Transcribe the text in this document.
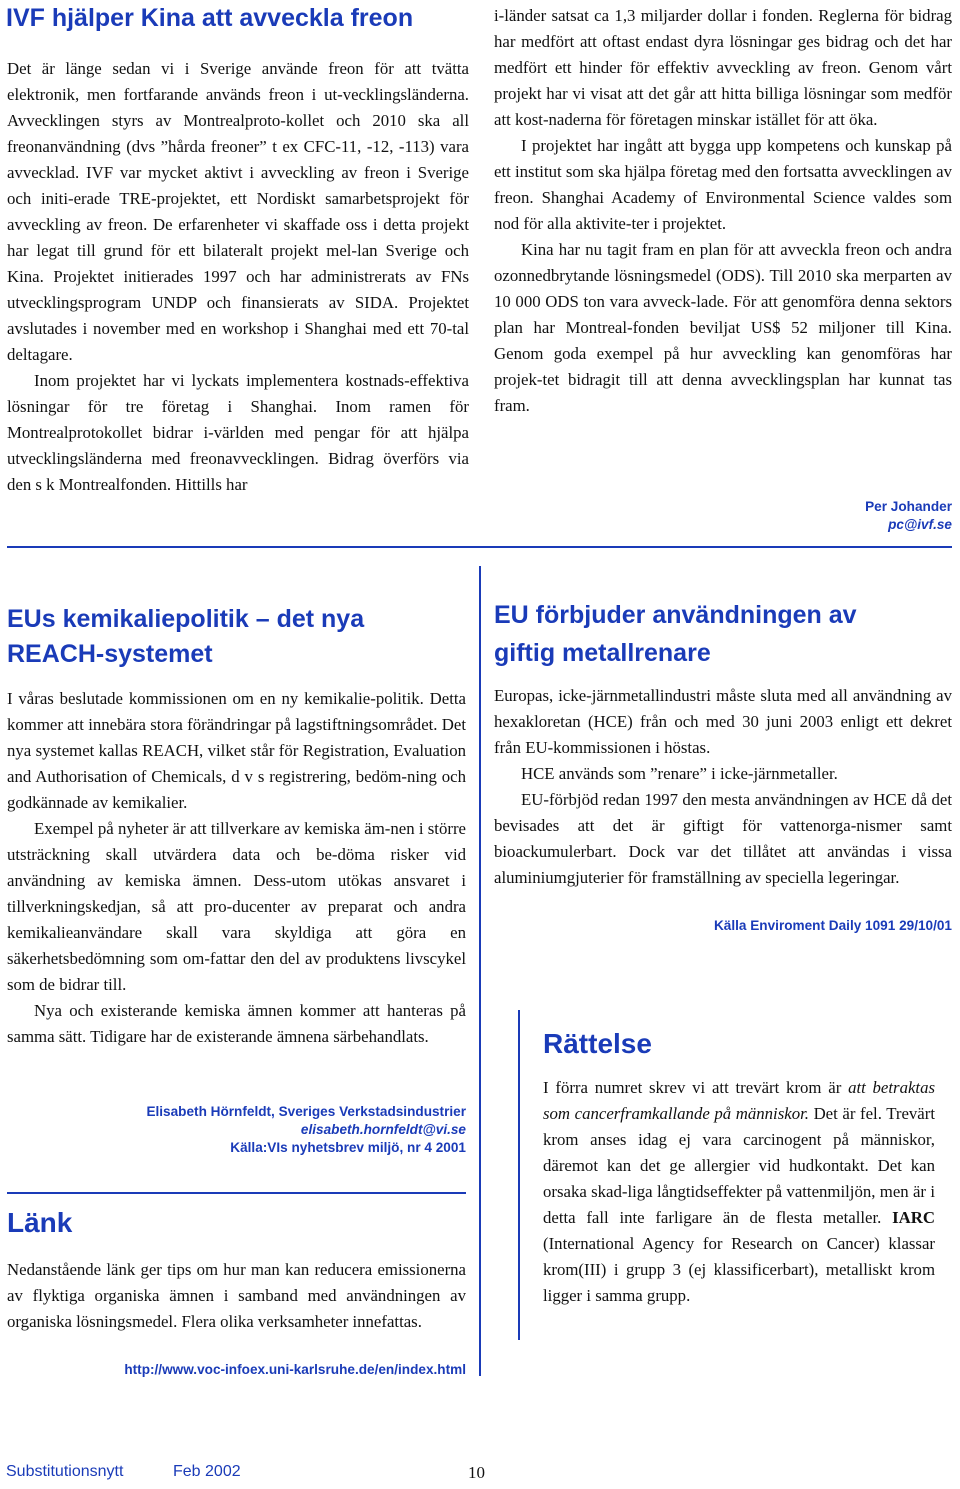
IVF hjälper Kina att avveckla freon

Det är länge sedan vi i Sverige använde freon för att tvätta elektronik, men fortfarande används freon i ut-vecklingsländerna. Avvecklingen styrs av Montrealproto-kollet och 2010 ska all freonanvändning (dvs ”hårda freoner” t ex CFC-11, -12, -113) vara avvecklad. IVF var mycket aktivt i avveckling av freon i Sverige och initi-erade TRE-projektet, ett Nordiskt samarbetsprojekt för avveckling av freon. De erfarenheter vi skaffade oss i detta projekt har legat till grund för ett bilateralt projekt mel-lan Sverige och Kina. Projektet initierades 1997 och har administrerats av FNs utvecklingsprogram UNDP och finansierats av SIDA. Projektet avslutades i november med en workshop i Shanghai med ett 70-tal deltagare.

Inom projektet har vi lyckats implementera kostnads-effektiva lösningar för tre företag i Shanghai. Inom ramen för Montrealprotokollet bidrar i-världen med pengar för att hjälpa utvecklingsländerna med freonavvecklingen. Bidrag överförs via den s k Montrealfonden. Hittills har

i-länder satsat ca 1,3 miljarder dollar i fonden. Reglerna för bidrag har medfört att oftast endast dyra lösningar ges bidrag och det har medfört ett hinder för effektiv avveckling av freon. Genom vårt projekt har vi visat att det går att hitta billiga lösningar som medför att kost-naderna för företagen minskar istället för att öka.

I projektet har ingått att bygga upp kompetens och kunskap på ett institut som ska hjälpa företag med den fortsatta avvecklingen av freon. Shanghai Academy of Environmental Science valdes som nod för alla aktivite-ter i projektet.

Kina har nu tagit fram en plan för att avveckla freon och andra ozonnedbrytande lösningsmedel (ODS). Till 2010 ska merparten av 10 000 ODS ton vara avveck-lade. För att genomföra denna sektors plan har Montreal-fonden beviljat US$ 52 miljoner till Kina. Genom goda exempel på hur avveckling kan genomföras har projek-tet bidragit till att denna avvecklingsplan har kunnat tas fram.

Per Johander
pc@ivf.se
EUs kemikaliepolitik – det nya
REACH-systemet

I våras beslutade kommissionen om en ny kemikalie-politik. Detta kommer att innebära stora förändringar på lagstiftningsområdet. Det nya systemet kallas REACH, vilket står för Registration, Evaluation and Authorisation of Chemicals, d v s registrering, bedöm-ning och godkännade av kemikalier.

Exempel på nyheter är att tillverkare av kemiska äm-nen i större utsträckning skall utvärdera data och be-döma risker vid användning av kemiska ämnen. Dess-utom utökas ansvaret i tillverkningskedjan, så att pro-ducenter av preparat och andra kemikalieanvändare skall vara skyldiga att göra en säkerhetsbedömning som om-fattar den del av produktens livscykel som de bidrar till.

Nya och existerande kemiska ämnen kommer att hanteras på samma sätt. Tidigare har de existerande ämnena särbehandlats.

Elisabeth Hörnfeldt, Sveriges Verkstadsindustrier
elisabeth.hornfeldt@vi.se
Källa:VIs nyhetsbrev miljö, nr 4 2001
Länk

Nedanstående länk ger tips om hur man kan reducera emissionerna av flyktiga organiska ämnen i samband med användningen av organiska lösningsmedel. Flera olika verksamheter innefattas.

http://www.voc-infoex.uni-karlsruhe.de/en/index.html
EU förbjuder användningen av
giftig metallrenare

Europas, icke-järnmetallindustri måste sluta med all användning av hexakloretan (HCE) från och med 30 juni 2003 enligt ett dekret från EU-kommissionen i höstas.

HCE används som ”renare” i icke-järnmetaller.

EU-förbjöd redan 1997 den mesta användningen av HCE då det bevisades att det är giftigt för vattenorga-nismer samt bioackumulerbart. Dock var det tillåtet att användas i vissa aluminiumgjuterier för framställning av speciella legeringar.

Källa Enviroment Daily 1091 29/10/01
Rättelse

I förra numret skrev vi att trevärt krom är att betraktas som cancerframkallande på människor. Det är fel. Trevärt krom anses idag ej vara carcinogent på människor, däremot kan det ge allergier vid hudkontakt. Det kan orsaka skad-liga långtidseffekter på vattenmiljön, men är i detta fall inte farligare än de flesta metaller. IARC (International Agency for Research on Cancer) klassar krom(III) i grupp 3 (ej klassificerbart), metalliskt krom ligger i samma grupp.

Substitutionsnytt	Feb 2002	10
